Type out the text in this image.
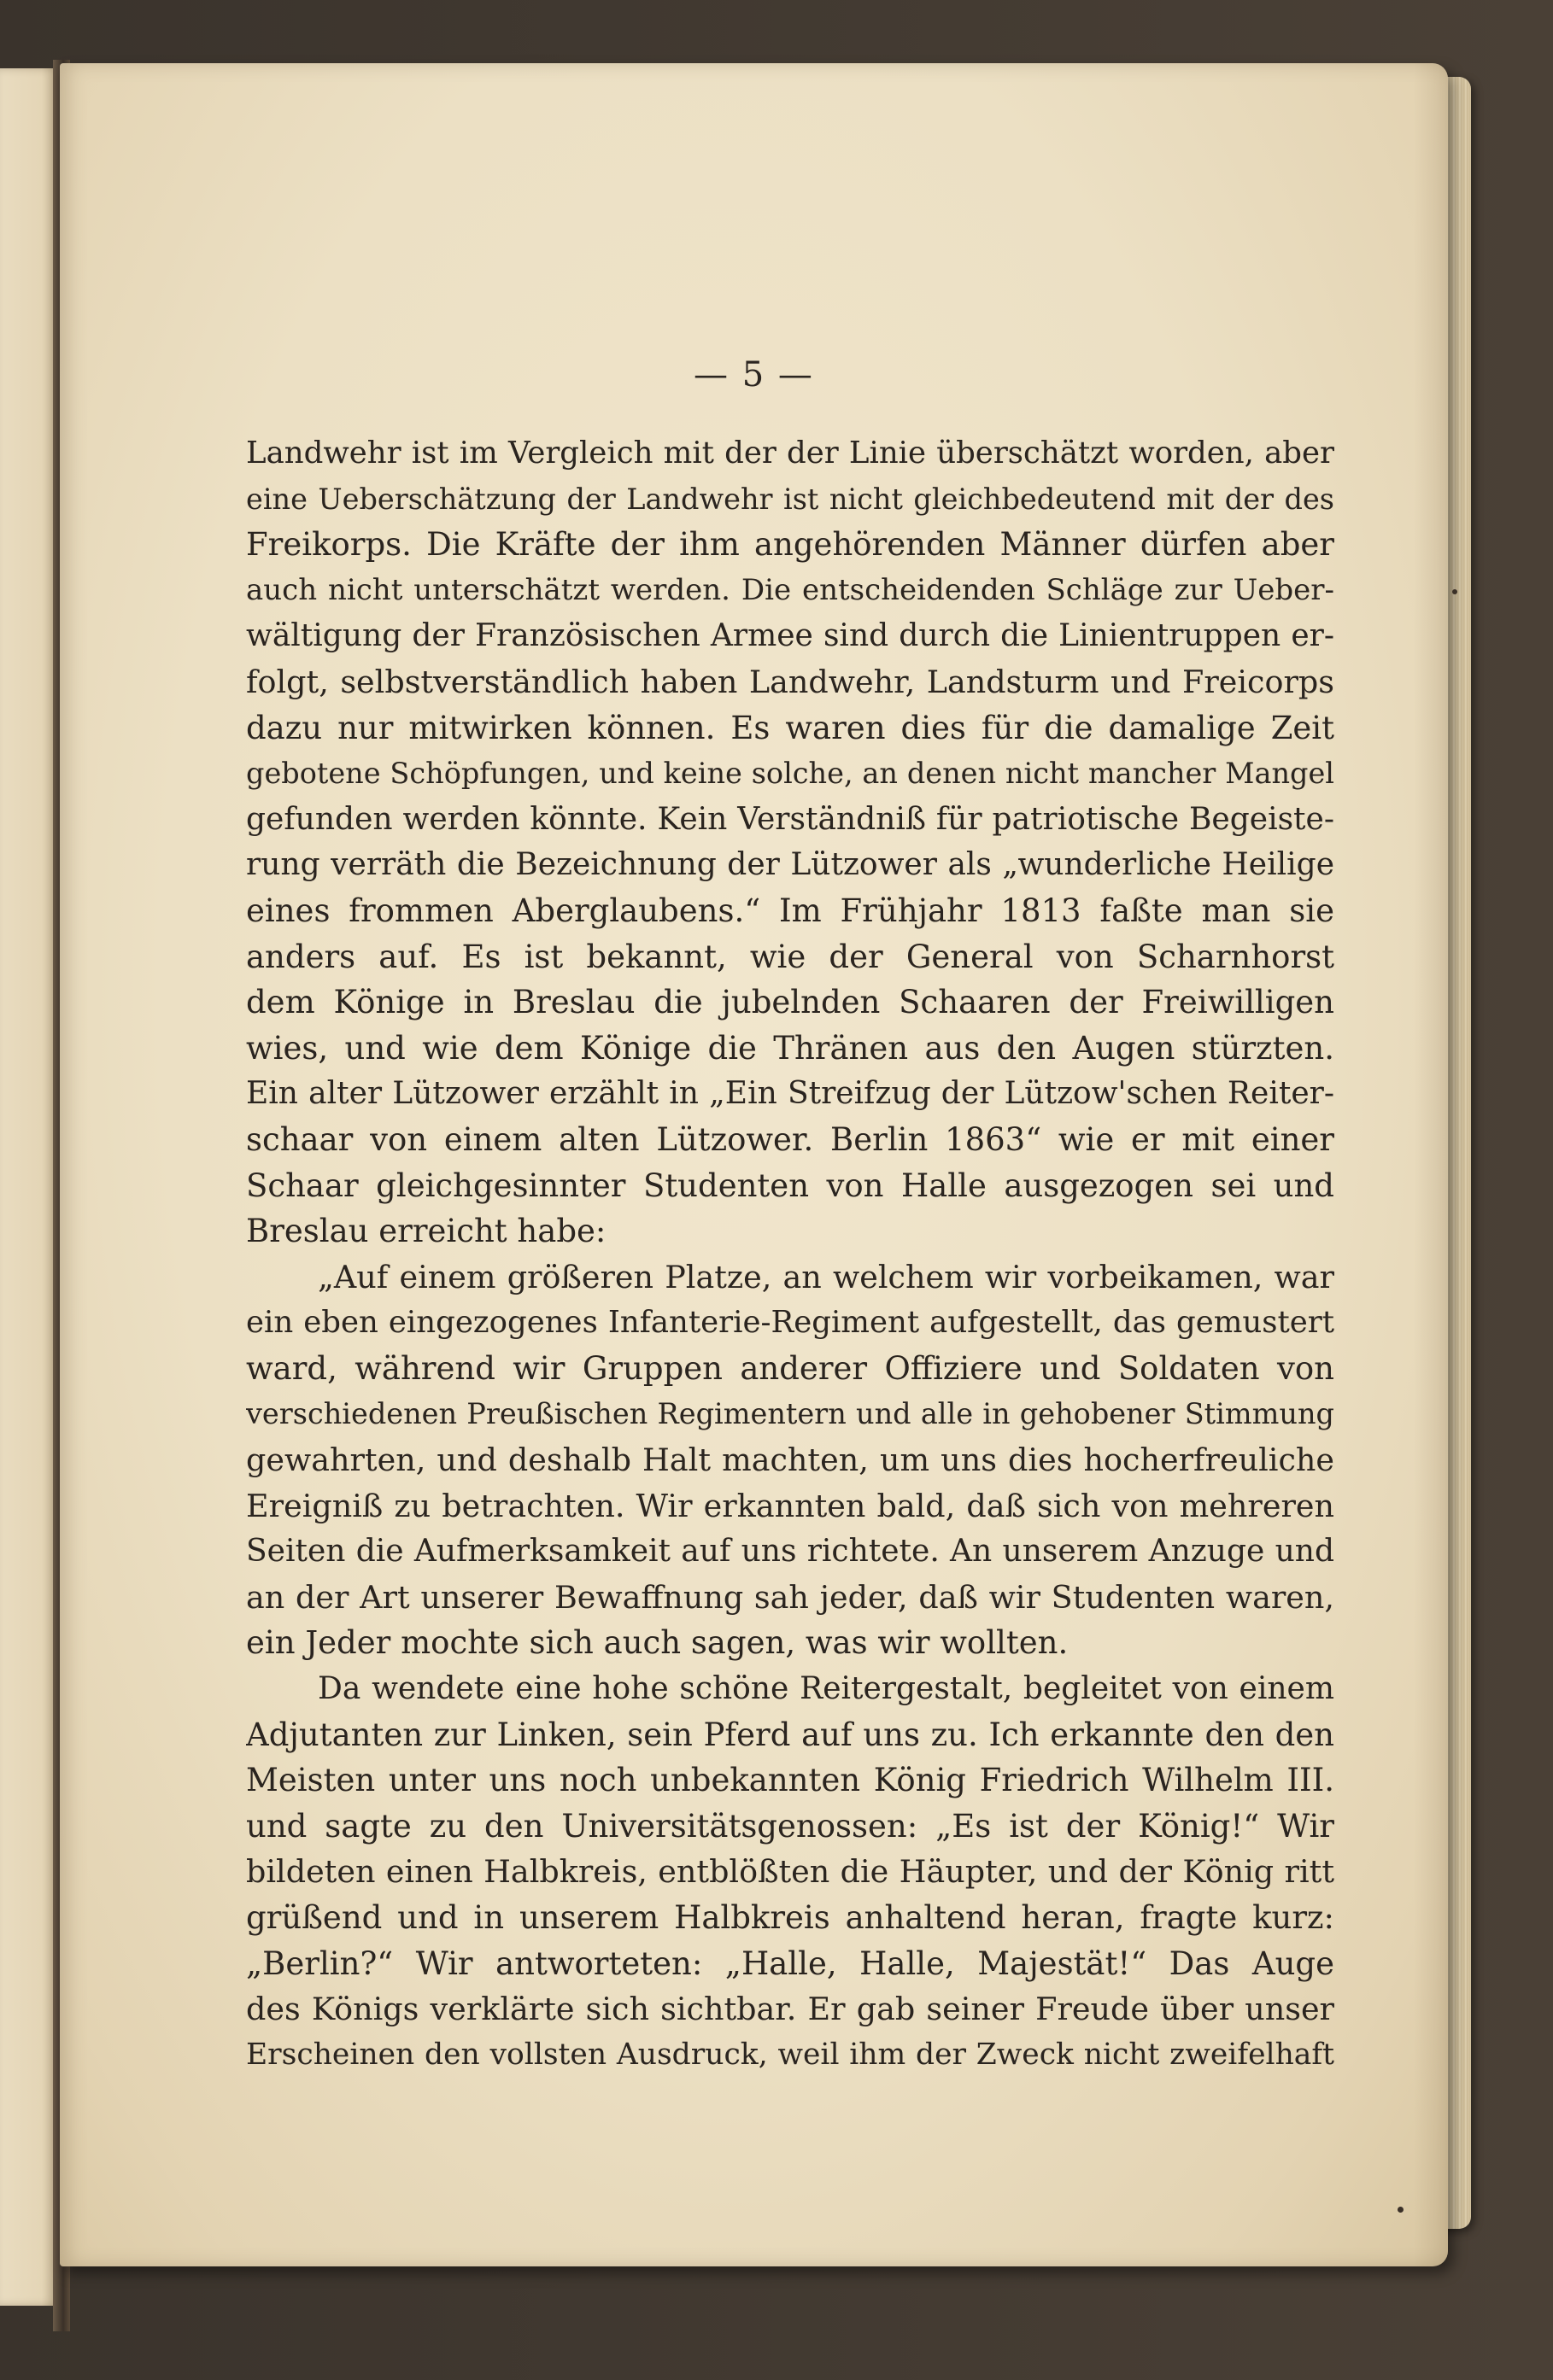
— 5 —
Landwehr ist im Vergleich mit der der Linie überschätzt worden, aber
eine Ueberschätzung der Landwehr ist nicht gleichbedeutend mit der des
Freikorps. Die Kräfte der ihm angehörenden Männer dürfen aber
auch nicht unterschätzt werden. Die entscheidenden Schläge zur Ueber-
wältigung der Französischen Armee sind durch die Linientruppen er-
folgt, selbstverständlich haben Landwehr, Landsturm und Freicorps
dazu nur mitwirken können. Es waren dies für die damalige Zeit
gebotene Schöpfungen, und keine solche, an denen nicht mancher Mangel
gefunden werden könnte. Kein Verständniß für patriotische Begeiste-
rung verräth die Bezeichnung der Lützower als „wunderliche Heilige
eines frommen Aberglaubens.“ Im Frühjahr 1813 faßte man sie
anders auf. Es ist bekannt, wie der General von Scharnhorst
dem Könige in Breslau die jubelnden Schaaren der Freiwilligen
wies, und wie dem Könige die Thränen aus den Augen stürzten.
Ein alter Lützower erzählt in „Ein Streifzug der Lützow'schen Reiter-
schaar von einem alten Lützower. Berlin 1863“ wie er mit einer
Schaar gleichgesinnter Studenten von Halle ausgezogen sei und
Breslau erreicht habe:
„Auf einem größeren Platze, an welchem wir vorbeikamen, war
ein eben eingezogenes Infanterie-Regiment aufgestellt, das gemustert
ward, während wir Gruppen anderer Offiziere und Soldaten von
verschiedenen Preußischen Regimentern und alle in gehobener Stimmung
gewahrten, und deshalb Halt machten, um uns dies hocherfreuliche
Ereigniß zu betrachten. Wir erkannten bald, daß sich von mehreren
Seiten die Aufmerksamkeit auf uns richtete. An unserem Anzuge und
an der Art unserer Bewaffnung sah jeder, daß wir Studenten waren,
ein Jeder mochte sich auch sagen, was wir wollten.
Da wendete eine hohe schöne Reitergestalt, begleitet von einem
Adjutanten zur Linken, sein Pferd auf uns zu. Ich erkannte den den
Meisten unter uns noch unbekannten König Friedrich Wilhelm III.
und sagte zu den Universitätsgenossen: „Es ist der König!“ Wir
bildeten einen Halbkreis, entblößten die Häupter, und der König ritt
grüßend und in unserem Halbkreis anhaltend heran, fragte kurz:
„Berlin?“ Wir antworteten: „Halle, Halle, Majestät!“ Das Auge
des Königs verklärte sich sichtbar. Er gab seiner Freude über unser
Erscheinen den vollsten Ausdruck, weil ihm der Zweck nicht zweifelhaft
